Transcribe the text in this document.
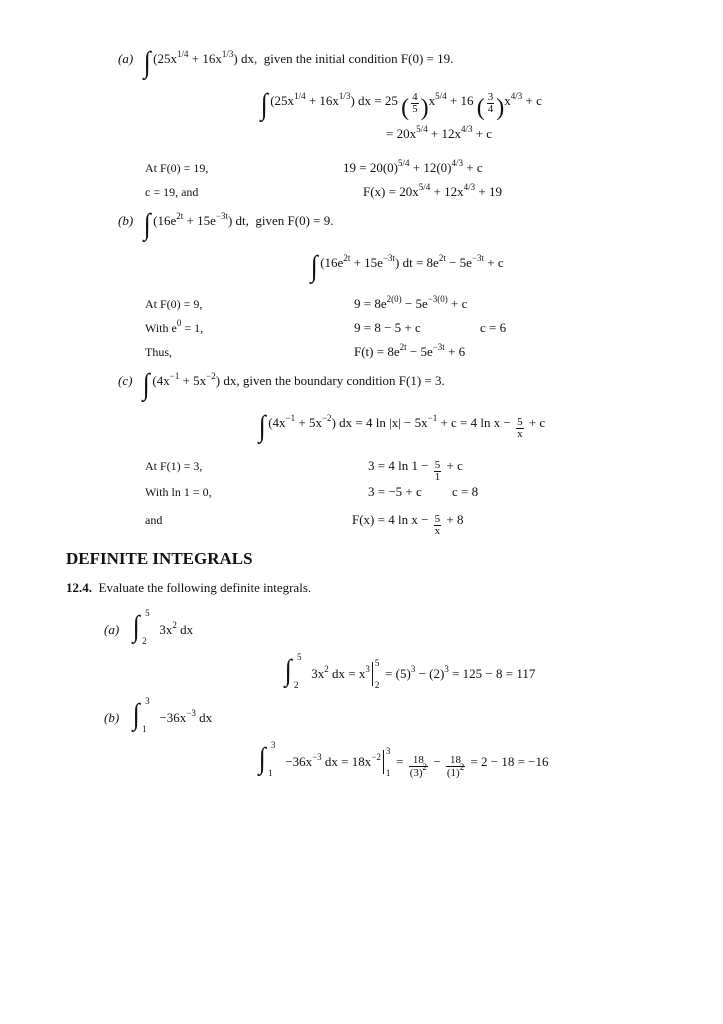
(a) ∫ $(25x^{1/4} + 16x^{1/3})$ dx, given the initial condition F(0) = 19.
∫ $(25x^{1/4} + 16x^{1/3})$ dx = 25 ( $\frac{4}{5} )x^{5/4} + 16$ ( $\frac{3}{4} )x^{4/3} + c$
= $20x^{5/4} + 12x^{4/3} + c$
At F(0) = 19,	$19 = 20(0)^{5/4} + 12(0)^{4/3} + c$
c = 19, and	$F(x) = 20x^{5/4} + 12x^{4/3} + 19$
(b) ∫ $(16e^{2t} + 15e^{-3t})$ dt, given F(0) = 9.
∫ $(16e^{2t} + 15e^{-3t})$ dt = $8e^{2t} - 5e^{-3t} + c$
At F(0) = 9,	$9 = 8e^{2(0)} - 5e^{-3(0)} + c$
With $e^0 = 1$,	9 = 8 − 5 + c	c = 6
Thus,	$F(t) = 8e^{2t} - 5e^{-3t} + 6$
(c) ∫ $(4x^{-1} + 5x^{-2})$ dx, given the boundary condition F(1) = 3.
∫ $(4x^{-1} + 5x^{-2})$ dx = 4 $\ln |x| - 5x^{-1} + c = 4$ $\ln x - \frac{5}{x} + c$
At F(1) = 3,	3 = 4 $\ln 1 - \frac{5}{1} + c$
With ln 1 = 0,	3 = −5 + c c = 8
and	F(x) = 4 $\ln x - \frac{5}{x} + 8$
DEFINITE INTEGRALS
12.4. Evaluate the following definite integrals.
(a) ∫ 5
2
$3x^2$ dx
∫ 5
2
$3x^2$ dx = $x^3$
5
2
= $(5)^3 - (2)^3 = 125 - 8 = 117$
(b) ∫ 3
1
$-36x^{-3}$ dx
∫ 3
1
$-36x^{-3}$ dx = $18x^{-2}$
3
1
= $\frac{18}{(3)^2} - \frac{18}{(1)^2} = 2 - 18 = -16$
